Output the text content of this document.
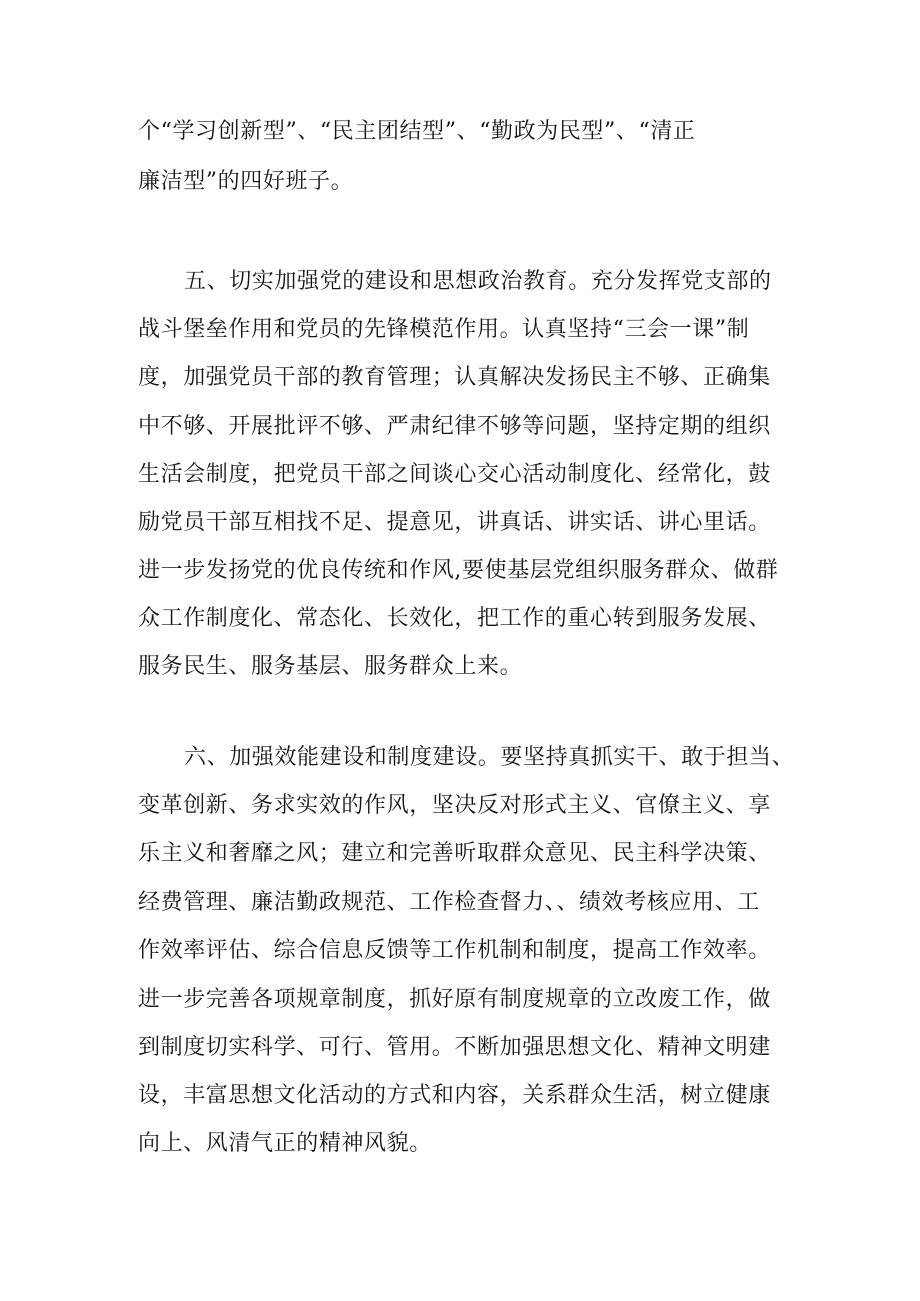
个“学习创新型”、“民主团结型”、“勤政为民型”、“清正
廉洁型”的四好班子。
五、切实加强党的建设和思想政治教育。充分发挥党支部的
战斗堡垒作用和党员的先锋模范作用。认真坚持“三会一课”制
度，加强党员干部的教育管理；认真解决发扬民主不够、正确集
中不够、开展批评不够、严肃纪律不够等问题，坚持定期的组织
生活会制度，把党员干部之间谈心交心活动制度化、经常化，鼓
励党员干部互相找不足、提意见，讲真话、讲实话、讲心里话。
进一步发扬党的优良传统和作风,要使基层党组织服务群众、做群
众工作制度化、常态化、长效化，把工作的重心转到服务发展、
服务民生、服务基层、服务群众上来。
六、加强效能建设和制度建设。要坚持真抓实干、敢于担当、
变革创新、务求实效的作风，坚决反对形式主义、官僚主义、享
乐主义和奢靡之风；建立和完善听取群众意见、民主科学决策、
经费管理、廉洁勤政规范、工作检查督力、、绩效考核应用、工
作效率评估、综合信息反馈等工作机制和制度，提高工作效率。
进一步完善各项规章制度，抓好原有制度规章的立改废工作，做
到制度切实科学、可行、管用。不断加强思想文化、精神文明建
设，丰富思想文化活动的方式和内容，关系群众生活，树立健康
向上、风清气正的精神风貌。
